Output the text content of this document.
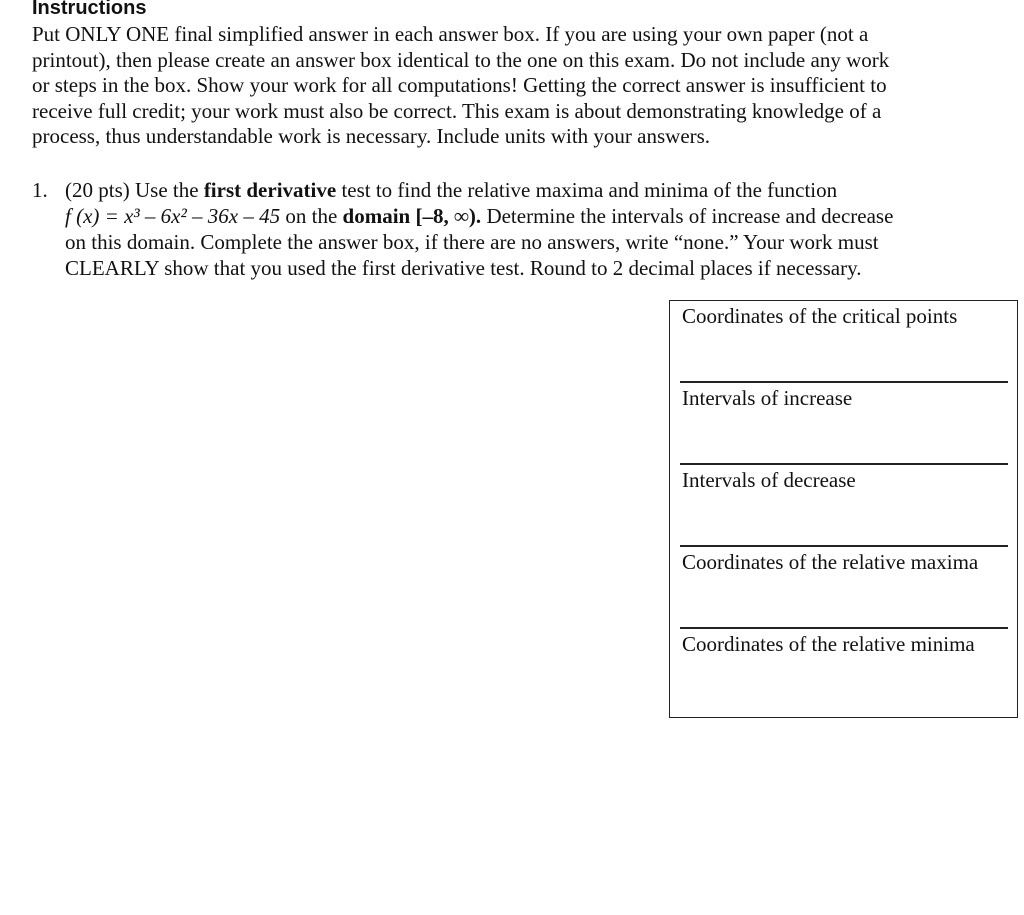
Instructions
Put ONLY ONE final simplified answer in each answer box. If you are using your own paper (not a
printout), then please create an answer box identical to the one on this exam. Do not include any work
or steps in the box. Show your work for all computations! Getting the correct answer is insufficient to
receive full credit; your work must also be correct. This exam is about demonstrating knowledge of a
process, thus understandable work is necessary. Include units with your answers.
1. (20 pts) Use the first derivative test to find the relative maxima and minima of the function
f (x) = x³ – 6x² – 36x – 45 on the domain [–8, ∞). Determine the intervals of increase and decrease
on this domain. Complete the answer box, if there are no answers, write “none.” Your work must
CLEARLY show that you used the first derivative test. Round to 2 decimal places if necessary.
Coordinates of the critical points
Intervals of increase
Intervals of decrease
Coordinates of the relative maxima
Coordinates of the relative minima
